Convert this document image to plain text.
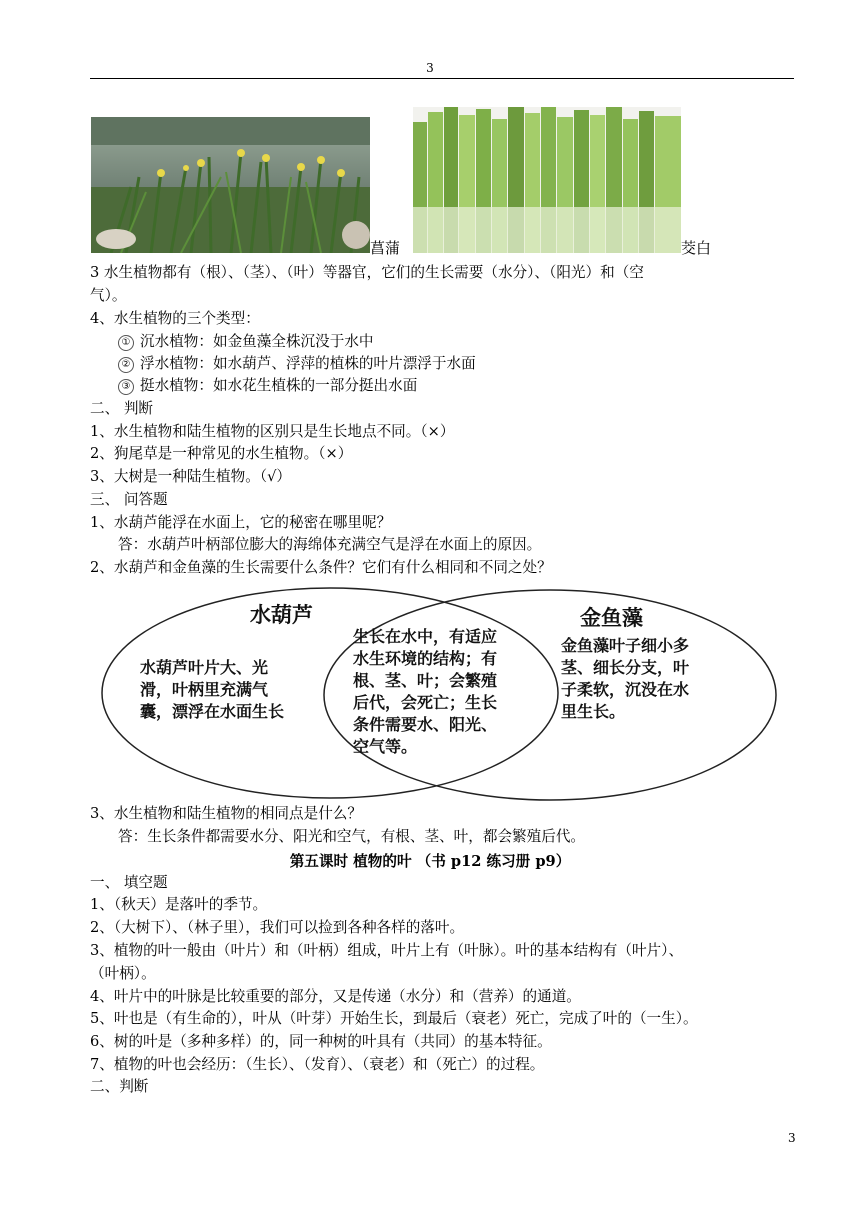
3
菖蒲	茭白
3 水生植物都有（根）、（茎）、（叶）等器官，它们的生长需要（水分）、（阳光）和（空
气）。
4、水生植物的三个类型：
① 沉水植物：如金鱼藻全株沉没于水中
② 浮水植物：如水葫芦、浮萍的植株的叶片漂浮于水面
③ 挺水植物：如水花生植株的一部分挺出水面
二、 判断
1、水生植物和陆生植物的区别只是生长地点不同。（×）
2、狗尾草是一种常见的水生植物。（×）
3、大树是一种陆生植物。（√）
三、 问答题
1、水葫芦能浮在水面上，它的秘密在哪里呢？
答：水葫芦叶柄部位膨大的海绵体充满空气是浮在水面上的原因。
2、水葫芦和金鱼藻的生长需要什么条件？它们有什么相同和不同之处？
水葫芦	金鱼藻
水葫芦叶片大、光
滑，叶柄里充满气
囊，漂浮在水面生长
生长在水中，有适应
水生环境的结构；有
根、茎、叶；会繁殖
后代，会死亡；生长
条件需要水、阳光、
空气等。
金鱼藻叶子细小多
茎、细长分支，叶
子柔软，沉没在水
里生长。
3、水生植物和陆生植物的相同点是什么？
答：生长条件都需要水分、阳光和空气，有根、茎、叶，都会繁殖后代。
第五课时 植物的叶 （书 p12 练习册 p9）
一、 填空题
1、（秋天）是落叶的季节。
2、（大树下）、（林子里），我们可以捡到各种各样的落叶。
3、植物的叶一般由（叶片）和（叶柄）组成，叶片上有（叶脉）。叶的基本结构有（叶片）、
（叶柄）。
4、叶片中的叶脉是比较重要的部分，又是传递（水分）和（营养）的通道。
5、叶也是（有生命的），叶从（叶芽）开始生长，到最后（衰老）死亡，完成了叶的（一生）。
6、树的叶是（多种多样）的，同一种树的叶具有（共同）的基本特征。
7、植物的叶也会经历：（生长）、（发育）、（衰老）和（死亡）的过程。
二、判断
3
